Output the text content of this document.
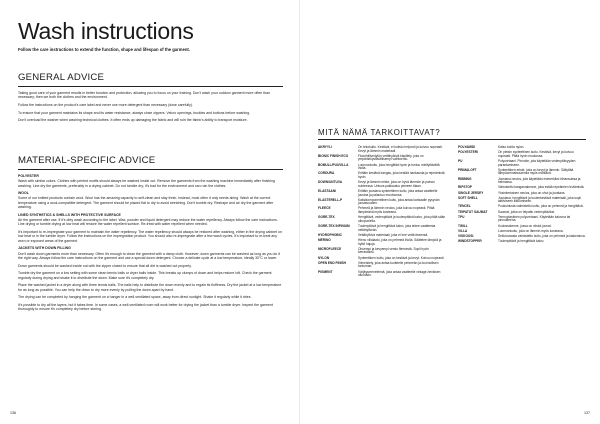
Wash instructions
Follow the care instructions to extend the function, shape and lifespan of the garment.
GENERAL ADVICE
Taking good care of your garment results in better function and protection, allowing you to focus on your training. Don't wash your outdoor garment more often than necessary; then we both the clothes and the environment.
Follow the instructions on the product's care label and never use more detergent than necessary (dose carefully).
To ensure that your garment maintains its shape and its water resistance, always close zippers, Velcro openings, buckles and buttons before washing.
Don't overload the washer when washing technical clothes. It often ends up damaging the fabric and will ruin the fabric's ability to transport moisture.
MATERIAL-SPECIFIC ADVICE
POLYESTER
Wash with similar colors. Clothes with printed motifs should always be washed inside out. Remove the garments from the washing machine immediately after finishing washing. Line dry the garments, preferably in a drying cabinet. Do not tumble dry; it's bad for the environment and can ruin the clothes.
WOOL
Some of our knitted products contain wool. Wool has the amazing capacity to self-clean and stay fresh. Instead, most often it only needs airing. Wash at the correct temperature using a wool-compatible detergent. The garment should be placed flat to dry to avoid stretching. Don't tumble dry. Reshape and air dry the garment after washing.
LINED SYNTHETICS & SHELLS WITH PROTECTIVE SURFACE
Air the garment after use. If it's dirty wash according to the label. Wax, powder and liquid detergent may reduce the water repellency. Always follow the care instructions. Line drying or tumble drying at low heat will restore the water repellent surface. Re-treat with water repellent when needed.
It's important to re-impregnate your garment to maintain the water repellency. The water repellency should always be restored after washing, either in the drying cabinet on low heat or in the tumble dryer. Follow the instructions on the impregnation product. You should also re-impregnate after a few wash cycles. It's important to re-treat any worn or exposed areas of the garment.
JACKETS WITH DOWN FILLING
Don't wash down garments more than necessary. Often it's enough to clean the garment with a damp cloth. However, down garments can be washed as long as you do it the right way. Always follow the care instructions on the garment and use a special down detergent. Choose a delicate cycle at a low temperature, ideally 30°C or lower.
Down garments should be washed inside out with the zipper closed to ensure that all dirt is washed out properly.
Tumble dry the garment on a low setting with some clean tennis balls or dryer balls inside. This breaks up clumps of down and helps restore loft. Check the garment regularly during drying and shake it to distribute the down. Make sure it's completely dry.
Place the washed jacket in a dryer along with three tennis balls. The balls help to distribute the down evenly and to regain its fluffiness. Dry the jacket at a low temperature for as long as possible. You can help the down to dry more evenly by pulling the down apart by hand.
The drying can be completed by hanging the garment on a hanger in a well-ventilated space, away from direct sunlight. Shake it regularly while it dries.
It's possible to dry all the layers, but it takes time. In some cases, a well-ventilated room will work better for drying the jacket than a tumble dryer. Inspect the garment thoroughly to ensure it's completely dry before storing.
136
MITÄ NÄMÄ TARKOITTAVAT?
AKRYYLI	On tekokuitu. Kestävä, ei kutistu helposti ja kuivuu nopeasti. Kevyt ja lämmin materiaali.
BIONIC FINISH ECO	Fluorihiilivedytön vettähylkivä käsittely, joka on ympäristöystävällisempi vaihtoehto.
BOMULL/PUUVILLA	Luonnonkuitu, joka hengittää hyvin ja tuntuu miellyttävältä iholla.
CORDURA	Erittäin kestävä kangas, joka kestää hankausta ja repeämistä hyvin.
DOWN/UNTUVA	Kevyt ja lämmin eriste, joka on hyvä lämmön ja painon suhteessa. Untuva pakkautuu pieneen tilaan.
ELASTAANI	Erittäin joustava synteettinen kuitu, joka antaa vaatteelle joustoa ja palautuu muotoonsa.
ELASTERELL-P	Kaksikomponenttinen kuitu, joka antaa kankaalle pysyvän joustavuuden.
FLEECE	Pehmeä ja lämmin neulos, joka kuivuu nopeasti. Pitää lämpimänä myös kosteana.
GORE-TEX	Hengittävä, vedenpitävä ja tuulenpitävä kalvo, joka pitää sään ulkopuolella.
GORE-TEX INFINIUM	Tuulenpitävä ja hengittävä kalvo, joka tekee vaatteesta vettähylkivän.
HYDROPHOBIC	Vettähylkivä materiaali, joka ei ime vettä itseensä.
MERINO	Hieno villalaatu, joka on pehmeä iholla. Säätelee lämpöä ja hylkii hajuja.
MICROFLEECE	Ohuempi ja kevyempi versio fleecestä. Sopii hyvin kerrastoksi.
NYLON	Synteettinen kuitu, joka on kestävä ja kevyt. Kuivuu nopeasti.
OPEN END FINISH	Viimeistely, joka antaa tuotteelle pehmeän ja luonnollisen tuntuman.
PIGMENT	Värjäysmenetelmä, joka antaa vaatteelle vintage-henkisen ulkonäön.
POLYAMIDI	Katso kohta nylon.
POLYESTERI	On yleisin synteettinen kuitu. Kestävä, kevyt ja kuivuu nopeasti. Pitää hyvin muotonsa.
PU	Polyuretaani. Pinnoite, jota käytetään vedenpitävyyden parantamiseen.
PRIMALOFT	Synteettinen eriste, joka on kevyt ja lämmin. Säilyttää lämpöominaisuutensa myös märkänä.
RIBBING	Joustava neulos, jota käytetään esimerkiksi hihansuissa ja helmassa.
RIPSTOP	Vahvistettu kangasrakenne, joka estää repeämien leviämistä.
SINGLE JERSEY	Yksinkertainen neulos, joka on ohut ja joustava.
SOFT SHELL	Joustava, hengittävä ja tuulenkestävä materiaali, joka sopii aktiiviseen liikkumiseen.
TENCEL	Puukuidusta valmistettu kuitu, joka on pehmeä ja hengittävä.
TEIPATUT SAUMAT	Saumat, jotka on teipattu vedenpitäviksi.
TPU	Termoplastinen polyuretaani. Käytetään kalvona tai pinnoitteena.
TWILL	Kudosrakenne, jossa on viistot juovat.
VILLA	Luonnonkuitu, joka on lämmin myös kosteana.
VISKOOSI	Selluloosasta valmistettu kuitu, joka on pehmeä ja laskeutuva.
WINDSTOPPER	Tuulenpitävä ja hengittävä kalvo.
137
